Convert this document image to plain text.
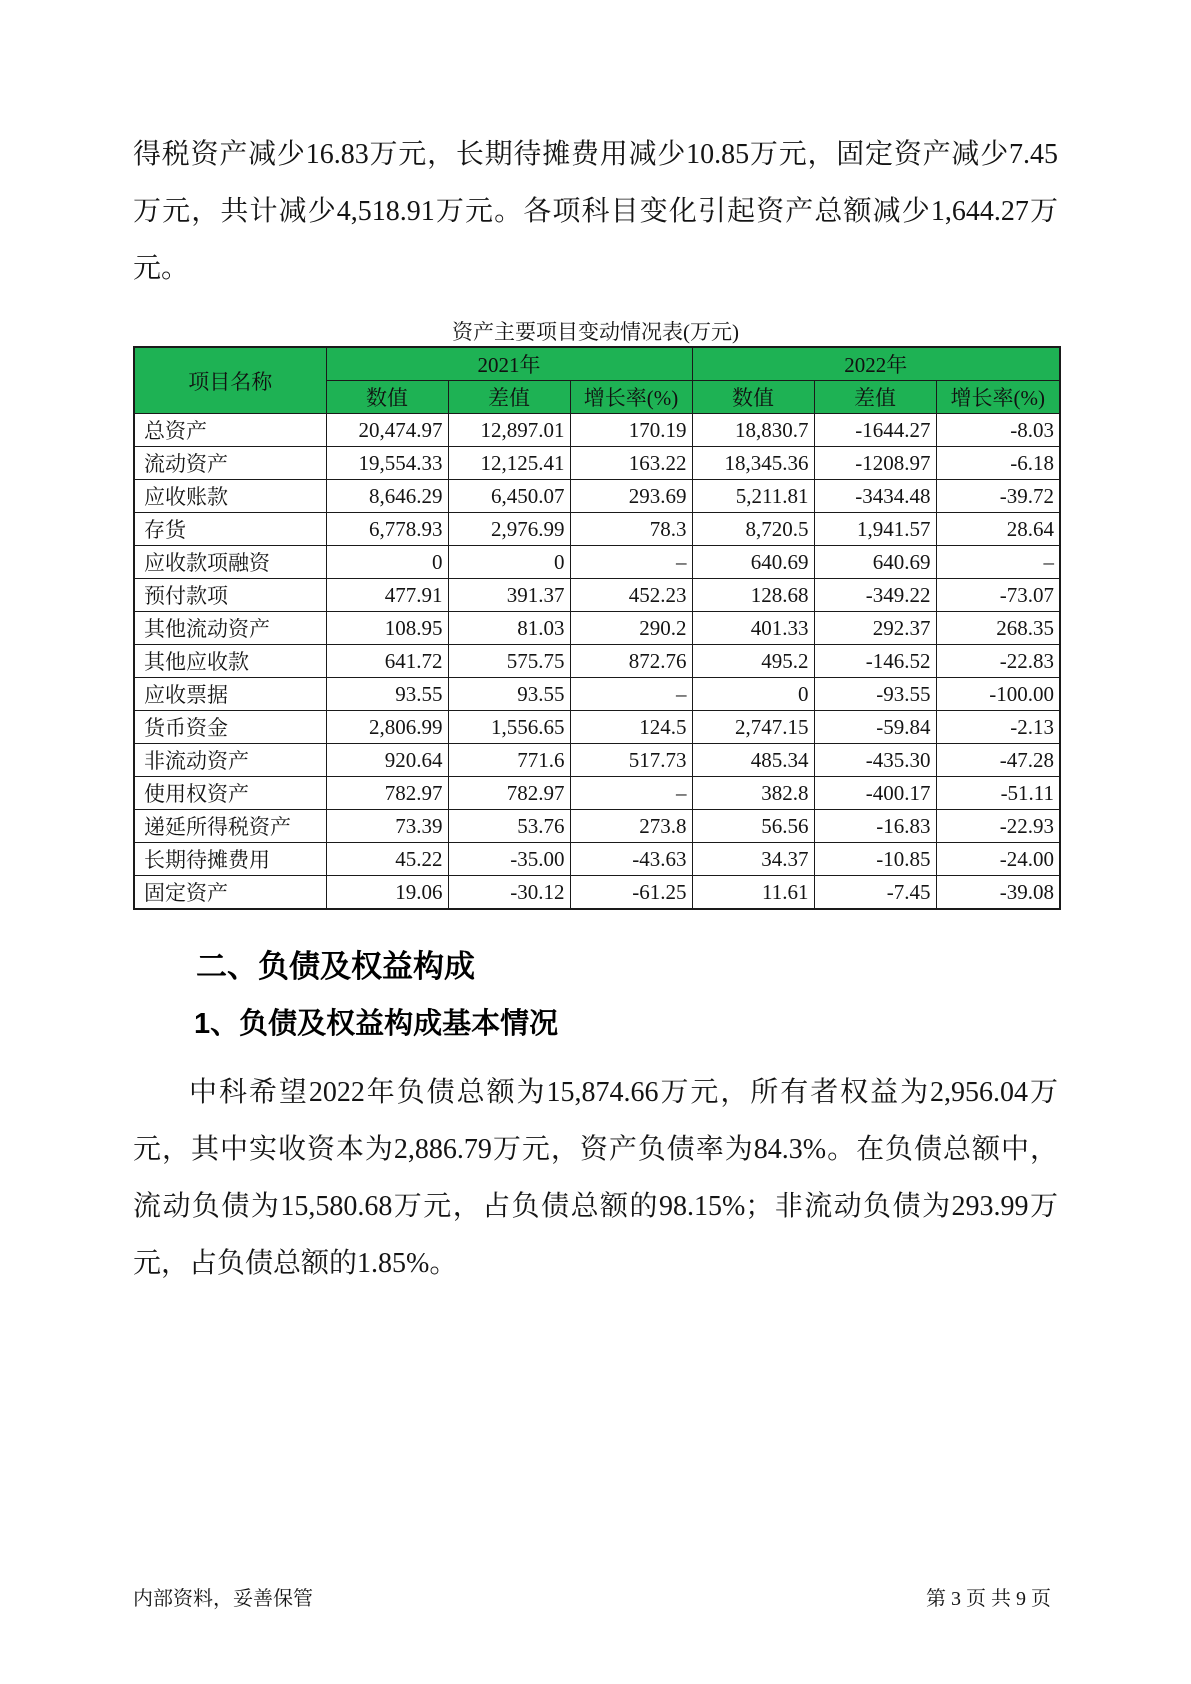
得税资产减少16.83万元，长期待摊费用减少10.85万元，固定资产减少7.45万元，共计减少4,518.91万元。各项科目变化引起资产总额减少1,644.27万元。

资产主要项目变动情况表(万元)
项目名称	2021年			2022年		
	数值	差值	增长率(%)	数值	差值	增长率(%)
总资产	20,474.97	12,897.01	170.19	18,830.7	-1644.27	-8.03
流动资产	19,554.33	12,125.41	163.22	18,345.36	-1208.97	-6.18
应收账款	8,646.29	6,450.07	293.69	5,211.81	-3434.48	-39.72
存货	6,778.93	2,976.99	78.3	8,720.5	1,941.57	28.64
应收款项融资	0	0	–	640.69	640.69	–
预付款项	477.91	391.37	452.23	128.68	-349.22	-73.07
其他流动资产	108.95	81.03	290.2	401.33	292.37	268.35
其他应收款	641.72	575.75	872.76	495.2	-146.52	-22.83
应收票据	93.55	93.55	–	0	-93.55	-100.00
货币资金	2,806.99	1,556.65	124.5	2,747.15	-59.84	-2.13
非流动资产	920.64	771.6	517.73	485.34	-435.30	-47.28
使用权资产	782.97	782.97	–	382.8	-400.17	-51.11
递延所得税资产	73.39	53.76	273.8	56.56	-16.83	-22.93
长期待摊费用	45.22	-35.00	-43.63	34.37	-10.85	-24.00
固定资产	19.06	-30.12	-61.25	11.61	-7.45	-39.08
二、负债及权益构成
1、负债及权益构成基本情况

中科希望2022年负债总额为15,874.66万元，所有者权益为2,956.04万元，其中实收资本为2,886.79万元，资产负债率为84.3%。在负债总额中，流动负债为15,580.68万元，占负债总额的98.15%；非流动负债为293.99万元，占负债总额的1.85%。

内部资料，妥善保管	第 3 页 共 9 页
